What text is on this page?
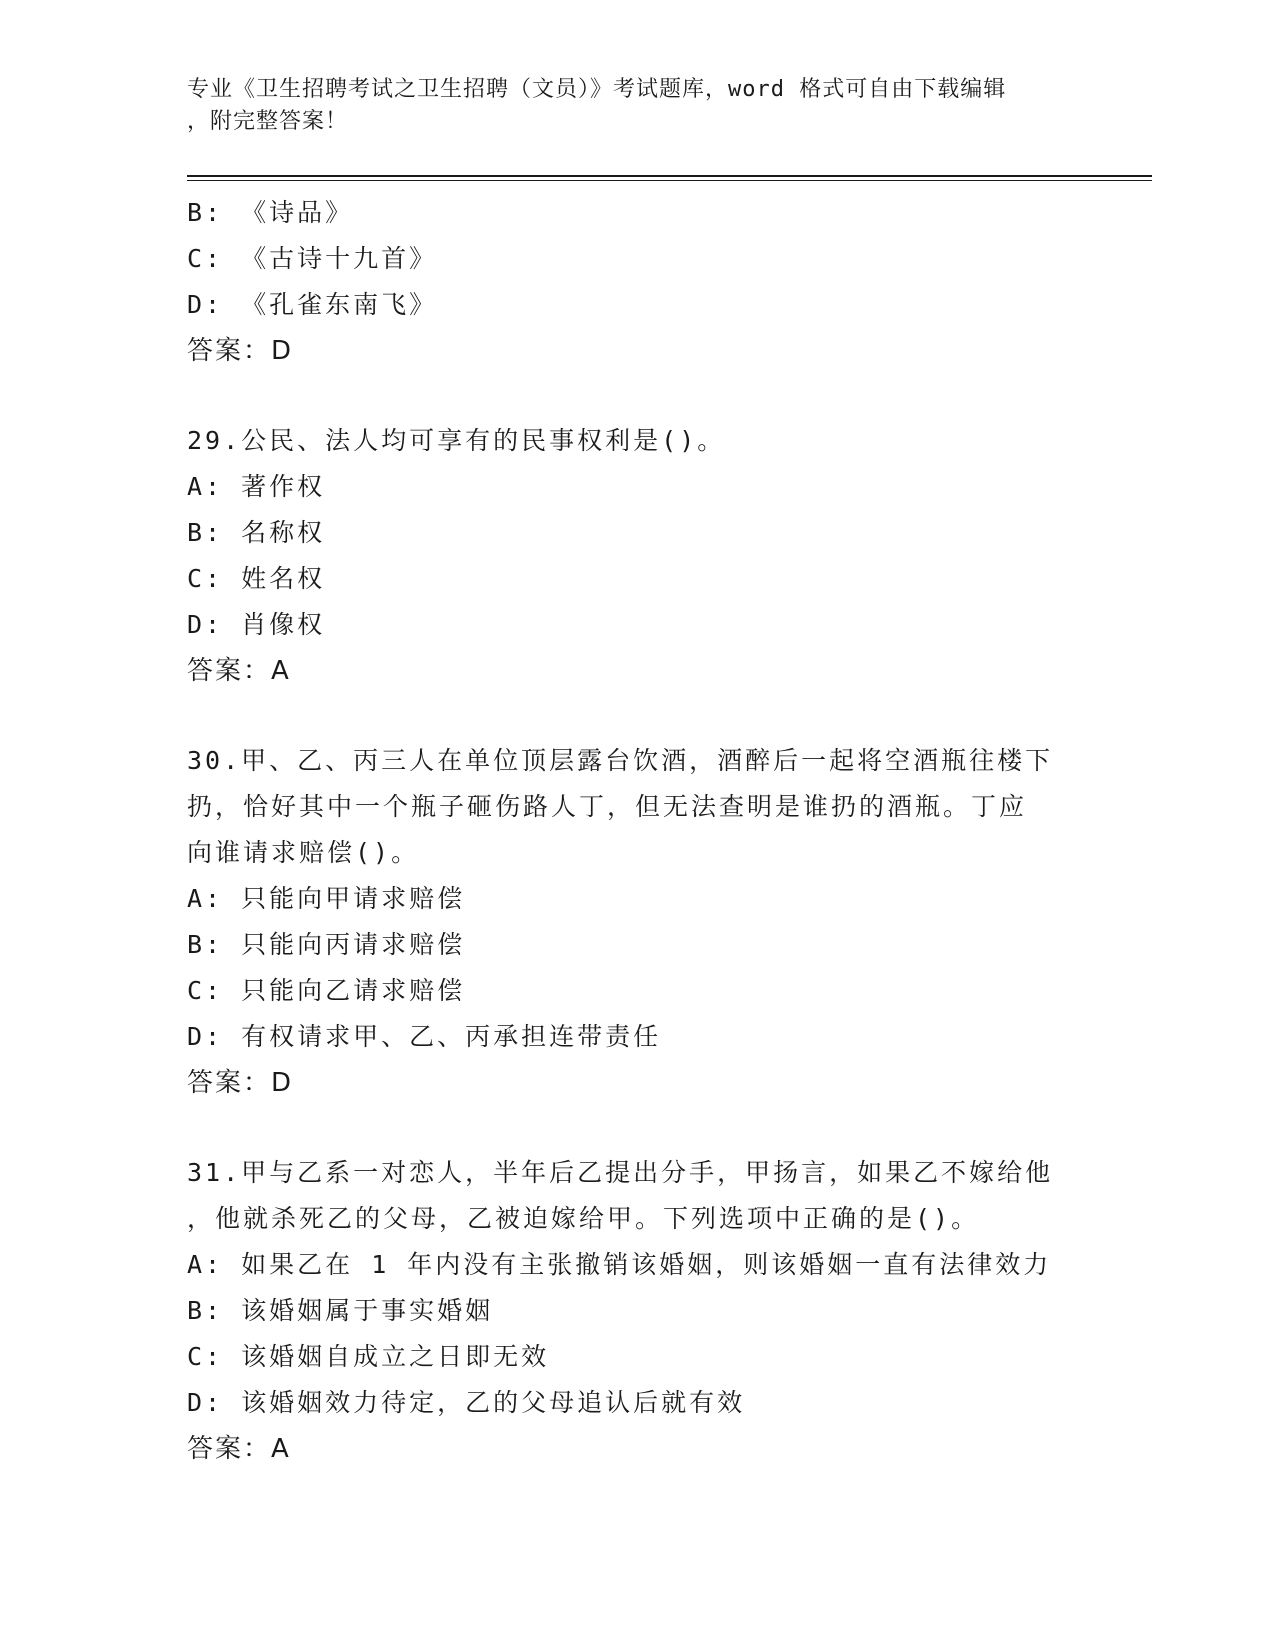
专业《卫生招聘考试之卫生招聘（文员）》考试题库，word 格式可自由下载编辑
，附完整答案！
B: 《诗品》
C: 《古诗十九首》
D: 《孔雀东南飞》
答案：D
29.公民、法人均可享有的民事权利是()。
A: 著作权
B: 名称权
C: 姓名权
D: 肖像权
答案：A
30.甲、乙、丙三人在单位顶层露台饮酒，酒醉后一起将空酒瓶往楼下
扔，恰好其中一个瓶子砸伤路人丁，但无法查明是谁扔的酒瓶。丁应
向谁请求赔偿()。
A: 只能向甲请求赔偿
B: 只能向丙请求赔偿
C: 只能向乙请求赔偿
D: 有权请求甲、乙、丙承担连带责任
答案：D
31.甲与乙系一对恋人，半年后乙提出分手，甲扬言，如果乙不嫁给他
，他就杀死乙的父母，乙被迫嫁给甲。下列选项中正确的是()。
A: 如果乙在 1 年内没有主张撤销该婚姻，则该婚姻一直有法律效力
B: 该婚姻属于事实婚姻
C: 该婚姻自成立之日即无效
D: 该婚姻效力待定，乙的父母追认后就有效
答案：A
